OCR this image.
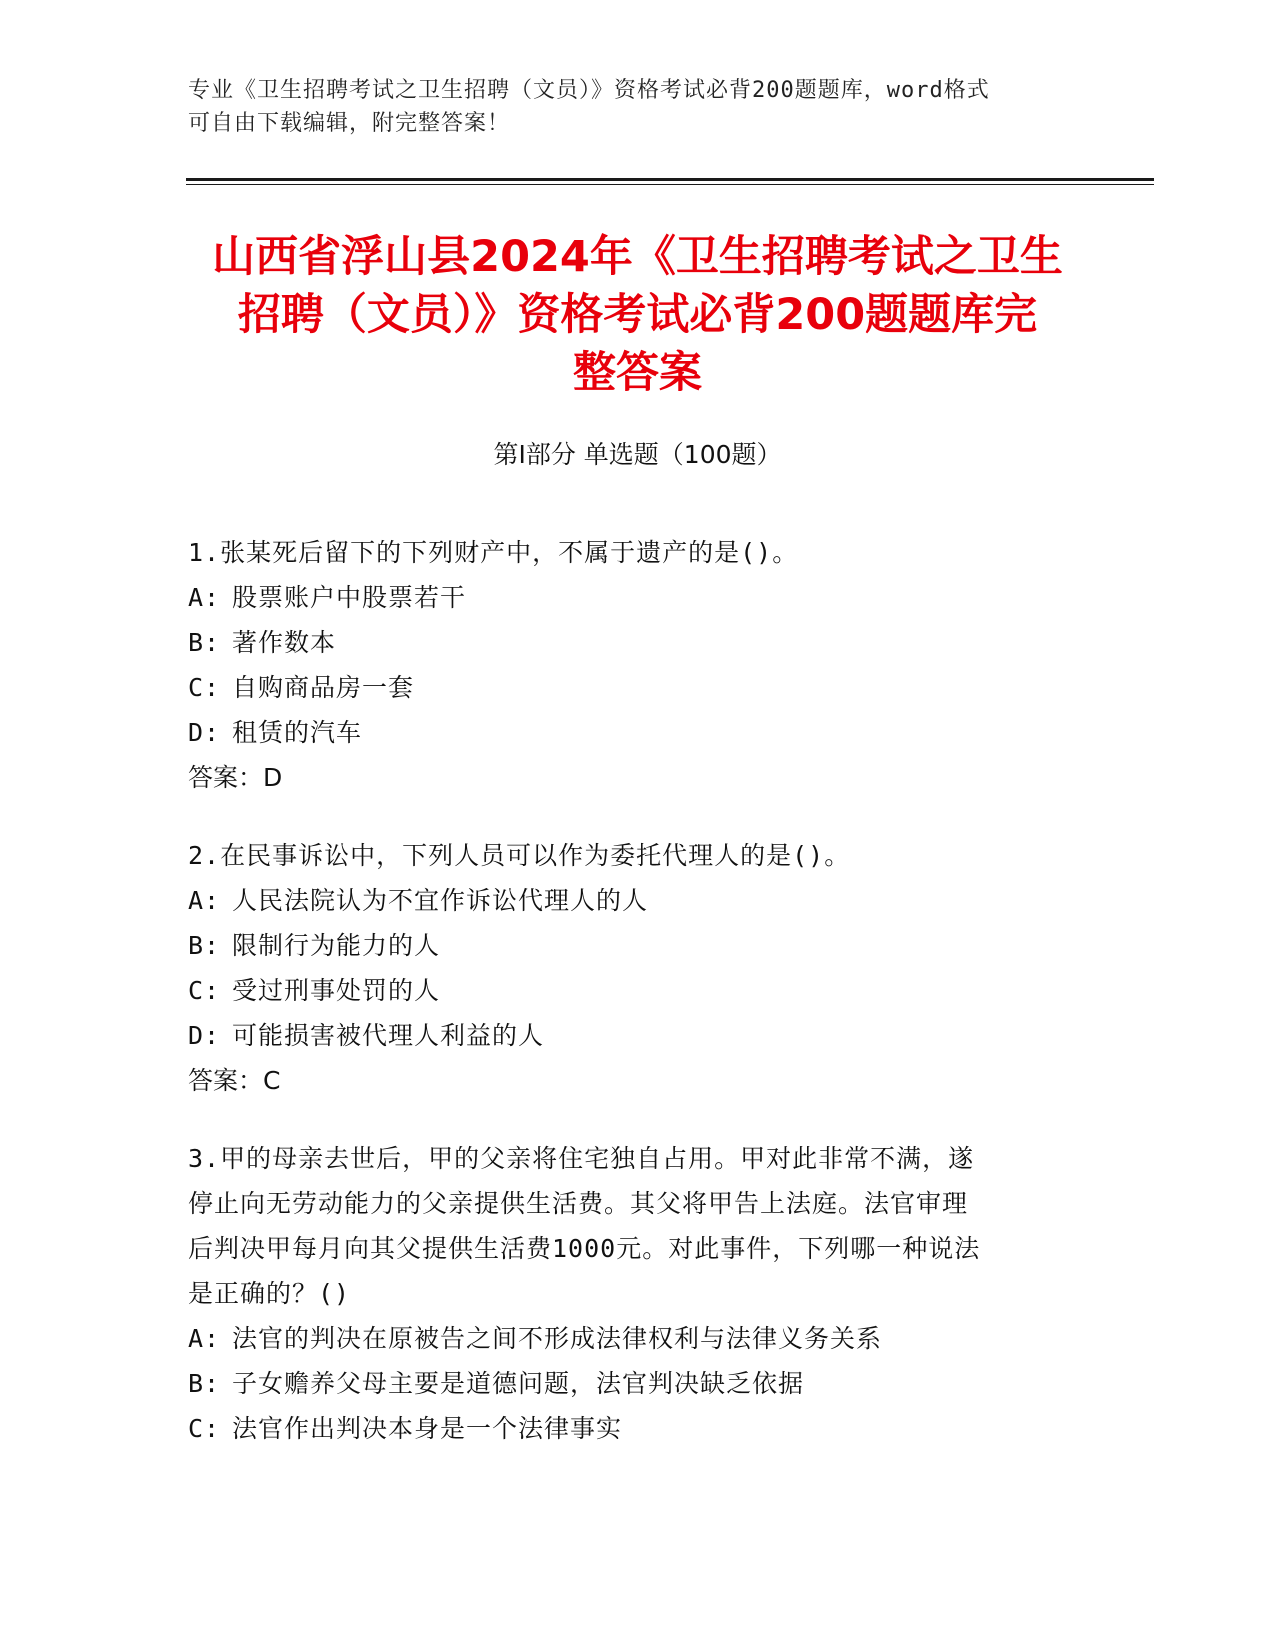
专业《卫生招聘考试之卫生招聘（文员）》资格考试必背200题题库，word格式
可自由下载编辑，附完整答案！
山西省浮山县2024年《卫生招聘考试之卫生
招聘（文员）》资格考试必背200题题库完
整答案
第Ⅰ部分 单选题（100题）
1.张某死后留下的下列财产中，不属于遗产的是()。
A: 股票账户中股票若干
B: 著作数本
C: 自购商品房一套
D: 租赁的汽车
答案：D
2.在民事诉讼中，下列人员可以作为委托代理人的是()。
A: 人民法院认为不宜作诉讼代理人的人
B: 限制行为能力的人
C: 受过刑事处罚的人
D: 可能损害被代理人利益的人
答案：C
3.甲的母亲去世后，甲的父亲将住宅独自占用。甲对此非常不满，遂
停止向无劳动能力的父亲提供生活费。其父将甲告上法庭。法官审理
后判决甲每月向其父提供生活费1000元。对此事件，下列哪一种说法
是正确的？()
A: 法官的判决在原被告之间不形成法律权利与法律义务关系
B: 子女赡养父母主要是道德问题，法官判决缺乏依据
C: 法官作出判决本身是一个法律事实
